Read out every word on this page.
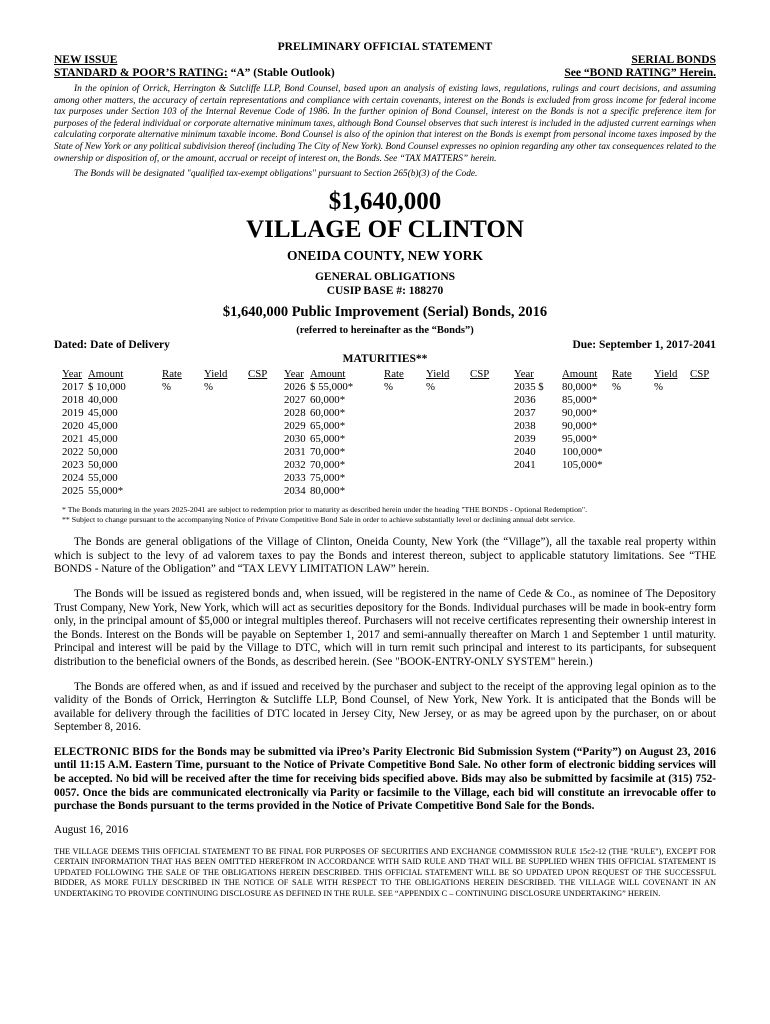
PRELIMINARY OFFICIAL STATEMENT

NEW ISSUE	SERIAL BONDS
STANDARD & POOR’S RATING: “A” (Stable Outlook)	See “BOND RATING” Herein.

In the opinion of Orrick, Herrington & Sutcliffe LLP, Bond Counsel, based upon an analysis of existing laws, regulations, rulings and court decisions, and assuming among other matters, the accuracy of certain representations and compliance with certain covenants, interest on the Bonds is excluded from gross income for federal income tax purposes under Section 103 of the Internal Revenue Code of 1986. In the further opinion of Bond Counsel, interest on the Bonds is not a specific preference item for purposes of the federal individual or corporate alternative minimum taxes, although Bond Counsel observes that such interest is included in the adjusted current earnings when calculating corporate alternative minimum taxable income. Bond Counsel is also of the opinion that interest on the Bonds is exempt from personal income taxes imposed by the State of New York or any political subdivision thereof (including The City of New York). Bond Counsel expresses no opinion regarding any other tax consequences related to the ownership or disposition of, or the amount, accrual or receipt of interest on, the Bonds. See “TAX MATTERS” herein.

The Bonds will be designated "qualified tax-exempt obligations" pursuant to Section 265(b)(3) of the Code.

$1,640,000
VILLAGE OF CLINTON
ONEIDA COUNTY, NEW YORK
GENERAL OBLIGATIONS
CUSIP BASE #: 188270
$1,640,000 Public Improvement (Serial) Bonds, 2016
(referred to hereinafter as the “Bonds”)
Dated: Date of Delivery	Due: September 1, 2017-2041
MATURITIES**
Year Amount	Rate Yield CSP
2017 $ 10,000	%	%
2018 40,000
2019 45,000
2020 45,000
2021 45,000
2022 50,000
2023 50,000
2024 55,000
2025 55,000*
Year Amount	Rate Yield CSP
2026 $ 55,000*	%	%
2027 60,000*
2028 60,000*
2029 65,000*
2030 65,000*
2031 70,000*
2032 70,000*
2033 75,000*
2034 80,000*
Year	Amount Rate Yield CSP
2035 $ 80,000* %	%
2036 85,000*
2037 90,000*
2038 90,000*
2039 95,000*
2040 100,000*
2041 105,000*
* The Bonds maturing in the years 2025-2041 are subject to redemption prior to maturity as described herein under the heading "THE BONDS - Optional Redemption".
** Subject to change pursuant to the accompanying Notice of Private Competitive Bond Sale in order to achieve substantially level or declining annual debt service.

The Bonds are general obligations of the Village of Clinton, Oneida County, New York (the “Village”), all the taxable real property within which is subject to the levy of ad valorem taxes to pay the Bonds and interest thereon, subject to applicable statutory limitations. See “THE BONDS - Nature of the Obligation” and “TAX LEVY LIMITATION LAW” herein.

The Bonds will be issued as registered bonds and, when issued, will be registered in the name of Cede & Co., as nominee of The Depository Trust Company, New York, New York, which will act as securities depository for the Bonds. Individual purchases will be made in book-entry form only, in the principal amount of $5,000 or integral multiples thereof. Purchasers will not receive certificates representing their ownership interest in the Bonds. Interest on the Bonds will be payable on September 1, 2017 and semi-annually thereafter on March 1 and September 1 until maturity. Principal and interest will be paid by the Village to DTC, which will in turn remit such principal and interest to its participants, for subsequent distribution to the beneficial owners of the Bonds, as described herein. (See "BOOK-ENTRY-ONLY SYSTEM" herein.)

The Bonds are offered when, as and if issued and received by the purchaser and subject to the receipt of the approving legal opinion as to the validity of the Bonds of Orrick, Herrington & Sutcliffe LLP, Bond Counsel, of New York, New York. It is anticipated that the Bonds will be available for delivery through the facilities of DTC located in Jersey City, New Jersey, or as may be agreed upon by the purchaser, on or about September 8, 2016.

ELECTRONIC BIDS for the Bonds may be submitted via iPreo’s Parity Electronic Bid Submission System (“Parity”) on August 23, 2016 until 11:15 A.M. Eastern Time, pursuant to the Notice of Private Competitive Bond Sale. No other form of electronic bidding services will be accepted. No bid will be received after the time for receiving bids specified above. Bids may also be submitted by facsimile at (315) 752-0057. Once the bids are communicated electronically via Parity or facsimile to the Village, each bid will constitute an irrevocable offer to purchase the Bonds pursuant to the terms provided in the Notice of Private Competitive Bond Sale for the Bonds.

August 16, 2016

THE VILLAGE DEEMS THIS OFFICIAL STATEMENT TO BE FINAL FOR PURPOSES OF SECURITIES AND EXCHANGE COMMISSION RULE 15c2-12 (THE "RULE"), EXCEPT FOR CERTAIN INFORMATION THAT HAS BEEN OMITTED HEREFROM IN ACCORDANCE WITH SAID RULE AND THAT WILL BE SUPPLIED WHEN THIS OFFICIAL STATEMENT IS UPDATED FOLLOWING THE SALE OF THE OBLIGATIONS HEREIN DESCRIBED. THIS OFFICIAL STATEMENT WILL BE SO UPDATED UPON REQUEST OF THE SUCCESSFUL BIDDER, AS MORE FULLY DESCRIBED IN THE NOTICE OF SALE WITH RESPECT TO THE OBLIGATIONS HEREIN DESCRIBED. THE VILLAGE WILL COVENANT IN AN UNDERTAKING TO PROVIDE CONTINUING DISCLOSURE AS DEFINED IN THE RULE. SEE “APPENDIX C – CONTINUING DISCLOSURE UNDERTAKING” HEREIN.
